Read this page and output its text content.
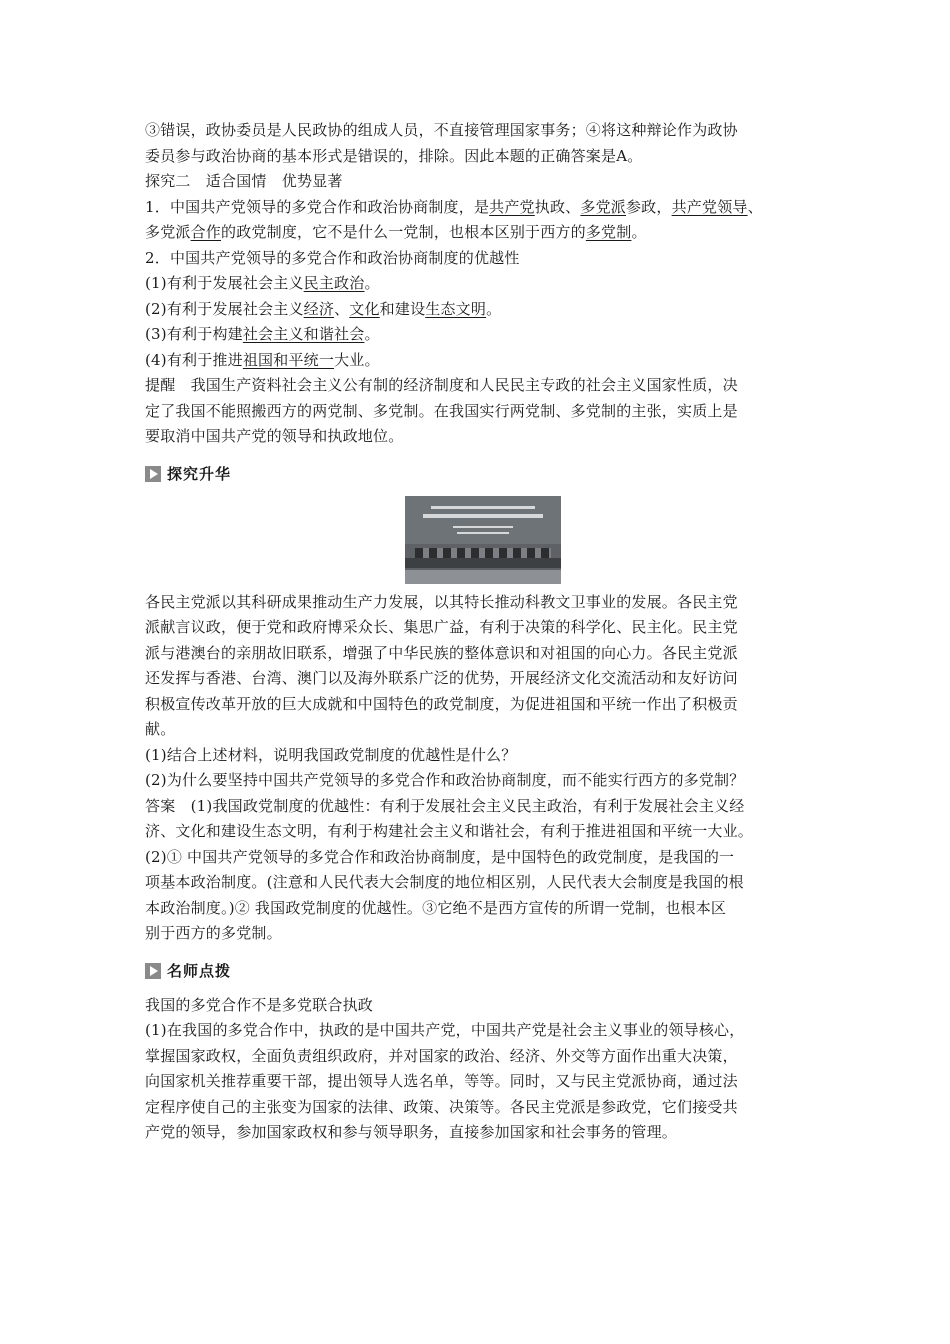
③错误，政协委员是人民政协的组成人员，不直接管理国家事务；④将这种辩论作为政协

委员参与政治协商的基本形式是错误的，排除。因此本题的正确答案是A。

探究二　适合国情　优势显著

1．中国共产党领导的多党合作和政治协商制度，是共产党执政、多党派参政，共产党领导、

多党派合作的政党制度，它不是什么一党制，也根本区别于西方的多党制。

2．中国共产党领导的多党合作和政治协商制度的优越性

(1)有利于发展社会主义民主政治。

(2)有利于发展社会主义经济、文化和建设生态文明。

(3)有利于构建社会主义和谐社会。

(4)有利于推进祖国和平统一大业。

提醒　我国生产资料社会主义公有制的经济制度和人民民主专政的社会主义国家性质，决

定了我国不能照搬西方的两党制、多党制。在我国实行两党制、多党制的主张，实质上是

要取消中国共产党的领导和执政地位。

探究升华

各民主党派以其科研成果推动生产力发展，以其特长推动科教文卫事业的发展。各民主党

派献言议政，便于党和政府博采众长、集思广益，有利于决策的科学化、民主化。民主党

派与港澳台的亲朋故旧联系，增强了中华民族的整体意识和对祖国的向心力。各民主党派

还发挥与香港、台湾、澳门以及海外联系广泛的优势，开展经济文化交流活动和友好访问

积极宣传改革开放的巨大成就和中国特色的政党制度，为促进祖国和平统一作出了积极贡

献。

(1)结合上述材料，说明我国政党制度的优越性是什么？

(2)为什么要坚持中国共产党领导的多党合作和政治协商制度，而不能实行西方的多党制？

答案　(1)我国政党制度的优越性：有利于发展社会主义民主政治，有利于发展社会主义经

济、文化和建设生态文明，有利于构建社会主义和谐社会，有利于推进祖国和平统一大业。

(2)① 中国共产党领导的多党合作和政治协商制度，是中国特色的政党制度，是我国的一

项基本政治制度。(注意和人民代表大会制度的地位相区别，人民代表大会制度是我国的根

本政治制度。)② 我国政党制度的优越性。③它绝不是西方宣传的所谓一党制，也根本区

别于西方的多党制。

名师点拨

我国的多党合作不是多党联合执政

(1)在我国的多党合作中，执政的是中国共产党，中国共产党是社会主义事业的领导核心，

掌握国家政权，全面负责组织政府，并对国家的政治、经济、外交等方面作出重大决策，

向国家机关推荐重要干部，提出领导人选名单，等等。同时，又与民主党派协商，通过法

定程序使自己的主张变为国家的法律、政策、决策等。各民主党派是参政党，它们接受共

产党的领导，参加国家政权和参与领导职务，直接参加国家和社会事务的管理。
